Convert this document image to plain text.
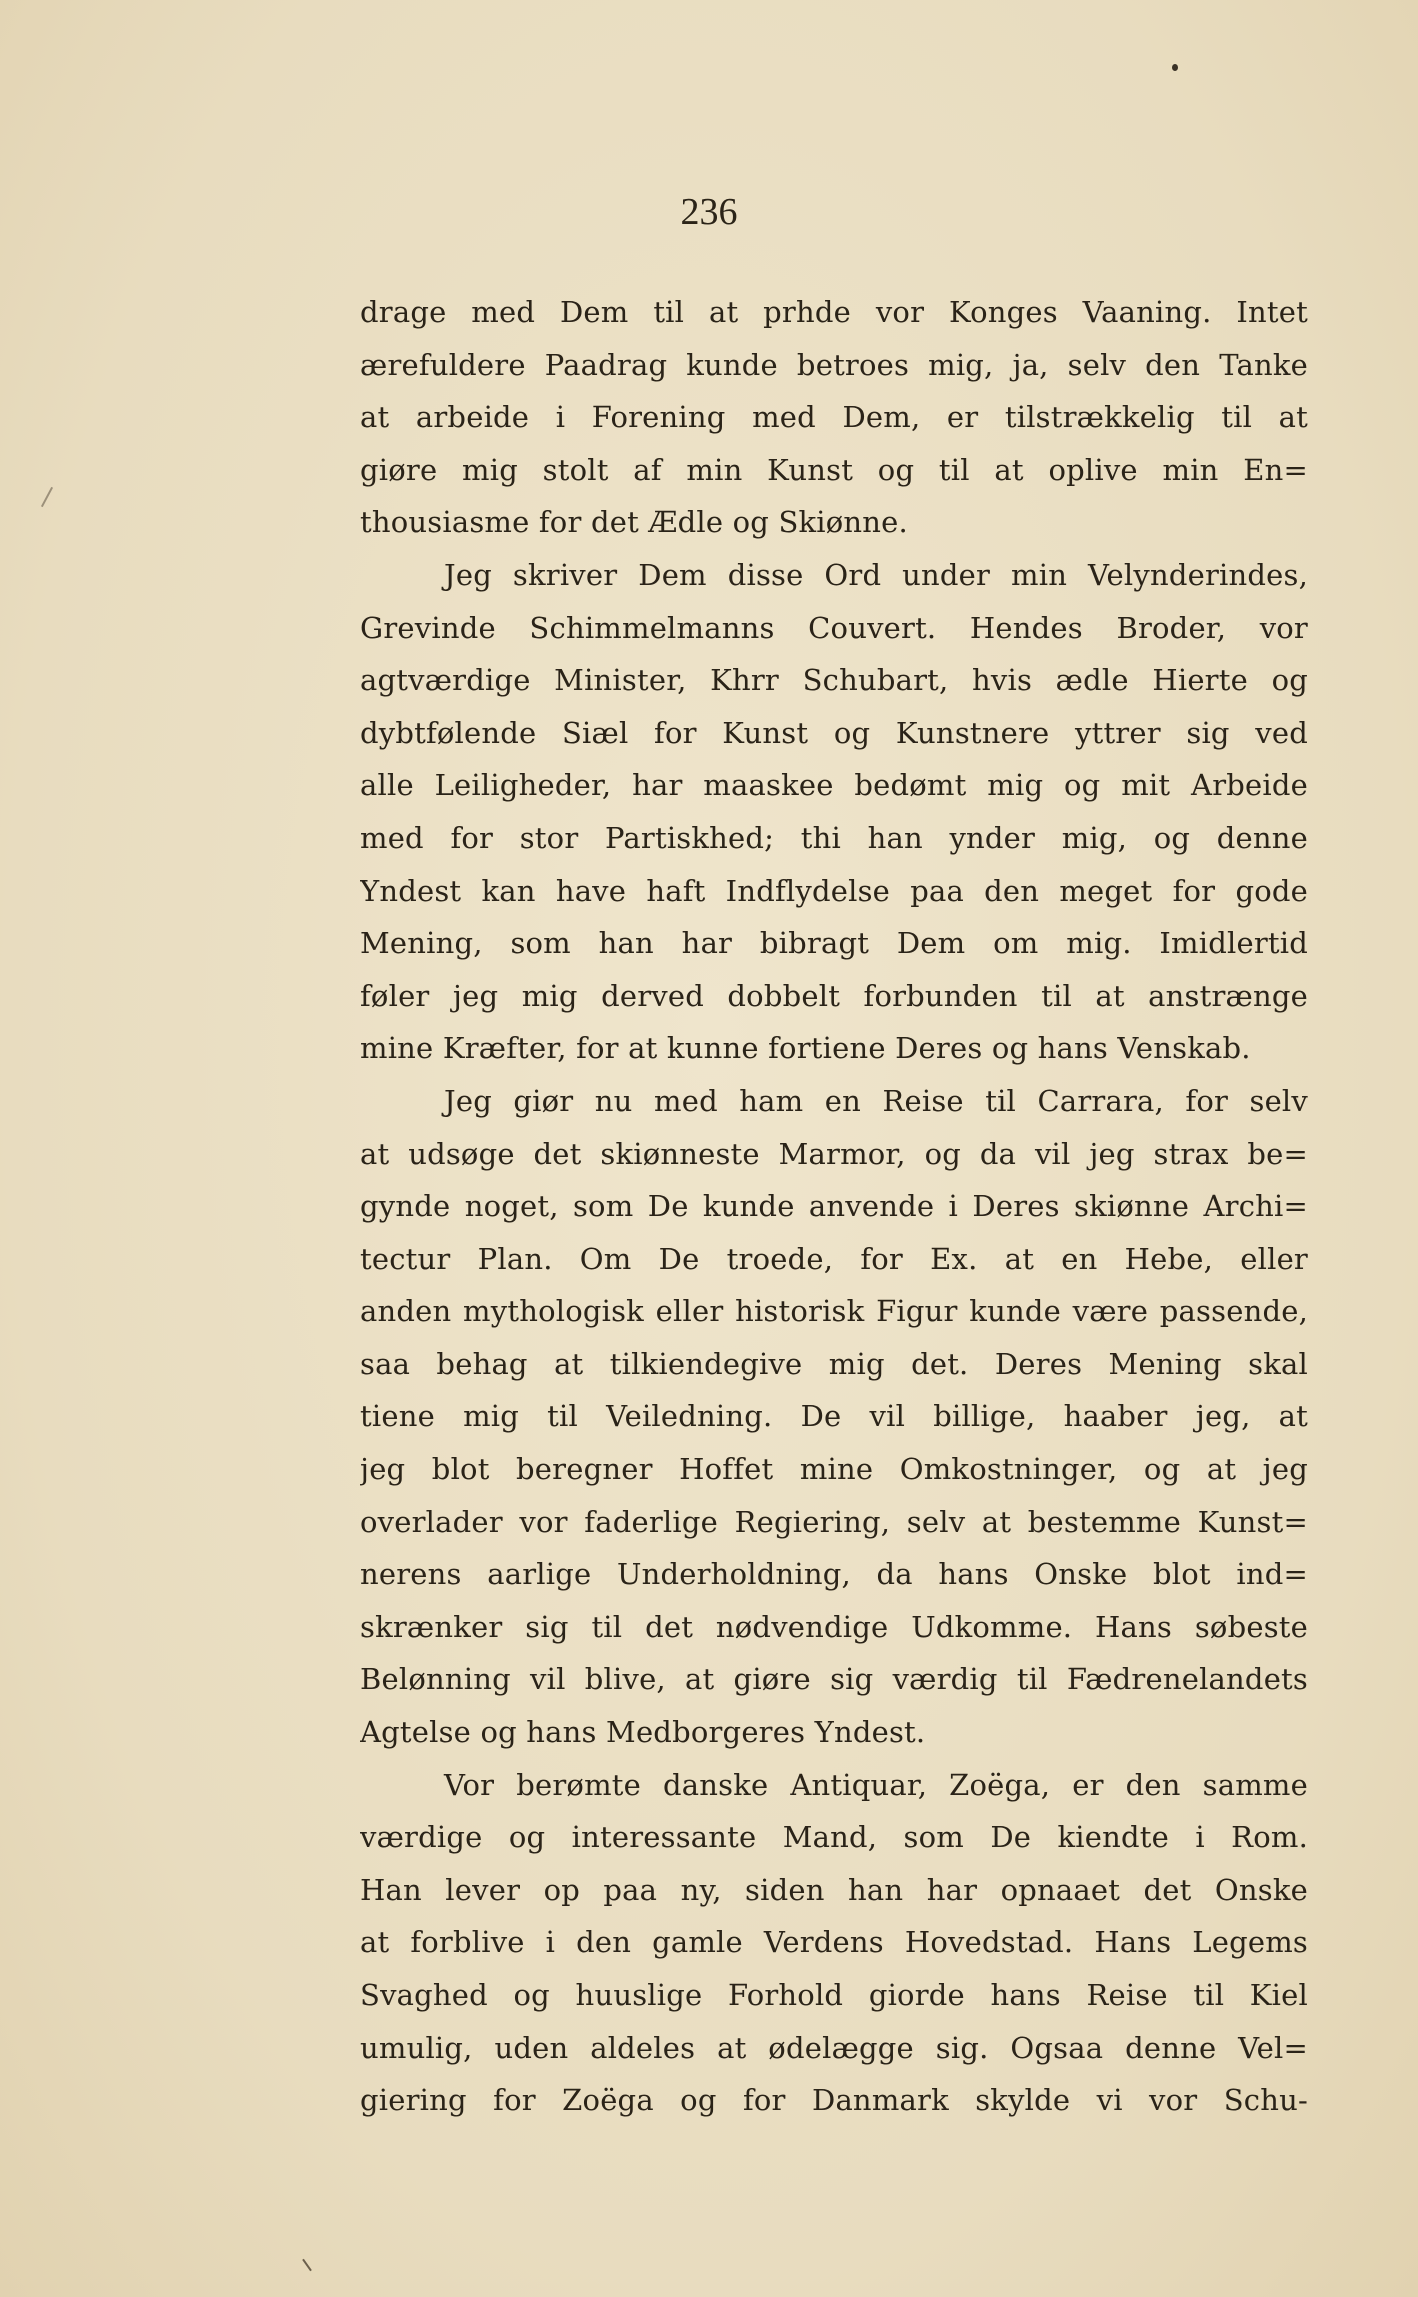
236

drage med Dem til at prhde vor Konges Vaaning. Intet

ærefuldere Paadrag kunde betroes mig, ja, selv den Tanke

at arbeide i Forening med Dem, er tilstrækkelig til at

giøre mig stolt af min Kunst og til at oplive min En=

thousiasme for det Ædle og Skiønne.

Jeg skriver Dem disse Ord under min Velynderindes,

Grevinde Schimmelmanns Couvert. Hendes Broder, vor

agtværdige Minister, Khrr Schubart, hvis ædle Hierte og

dybtfølende Siæl for Kunst og Kunstnere yttrer sig ved

alle Leiligheder, har maaskee bedømt mig og mit Arbeide

med for stor Partiskhed; thi han ynder mig, og denne

Yndest kan have haft Indflydelse paa den meget for gode

Mening, som han har bibragt Dem om mig. Imidlertid

føler jeg mig derved dobbelt forbunden til at anstrænge

mine Kræfter, for at kunne fortiene Deres og hans Venskab.

Jeg giør nu med ham en Reise til Carrara, for selv

at udsøge det skiønneste Marmor, og da vil jeg strax be=

gynde noget, som De kunde anvende i Deres skiønne Archi=

tectur Plan. Om De troede, for Ex. at en Hebe, eller

anden mythologisk eller historisk Figur kunde være passende,

saa behag at tilkiendegive mig det. Deres Mening skal

tiene mig til Veiledning. De vil billige, haaber jeg, at

jeg blot beregner Hoffet mine Omkostninger, og at jeg

overlader vor faderlige Regiering, selv at bestemme Kunst=

nerens aarlige Underholdning, da hans Onske blot ind=

skrænker sig til det nødvendige Udkomme. Hans søbeste

Belønning vil blive, at giøre sig værdig til Fædrenelandets

Agtelse og hans Medborgeres Yndest.

Vor berømte danske Antiquar, Zoëga, er den samme

værdige og interessante Mand, som De kiendte i Rom.

Han lever op paa ny, siden han har opnaaet det Onske

at forblive i den gamle Verdens Hovedstad. Hans Legems

Svaghed og huuslige Forhold giorde hans Reise til Kiel

umulig, uden aldeles at ødelægge sig. Ogsaa denne Vel=

giering for Zoëga og for Danmark skylde vi vor Schu-
